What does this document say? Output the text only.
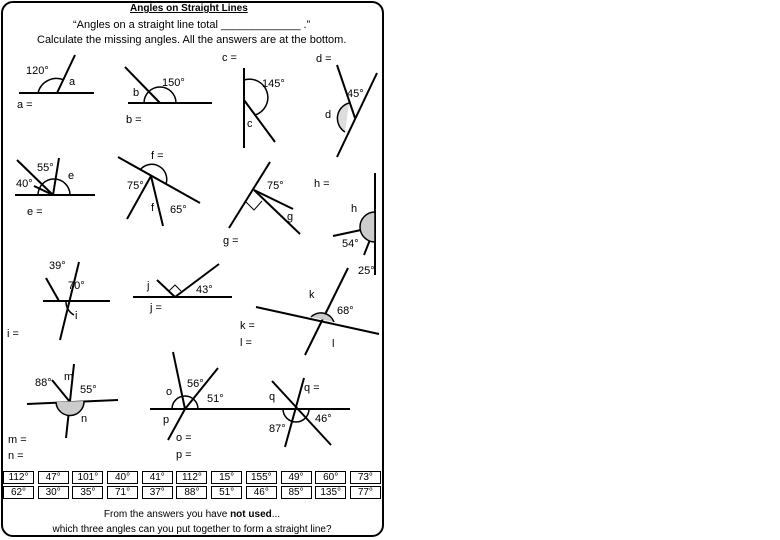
Angles on Straight Lines
“Angles on a straight line total _____________ .”
Calculate the missing angles. All the answers are at the bottom.
120°
a
a =
150°
b
b =
c =
145°
c
d =
45°
d
55°
40°
e
e =
f =
75°
f 65°
75°
g
g =
h =
h
54°
25°
39°
70°
i
i =
j	43°
j =
k
68°
k =
l =	l
88° m
55°
n
m =
n =
56°
o
51°
p
o =
p =
q
q =
46°
87°
112°	47°	101°	40°	41°	112°	15°	155°	49°	60°	73°
62°	30°	35°	71°	37°	88°	51°	46°	85°	135°	77°
From the answers you have not used...
which three angles can you put together to form a straight line?
